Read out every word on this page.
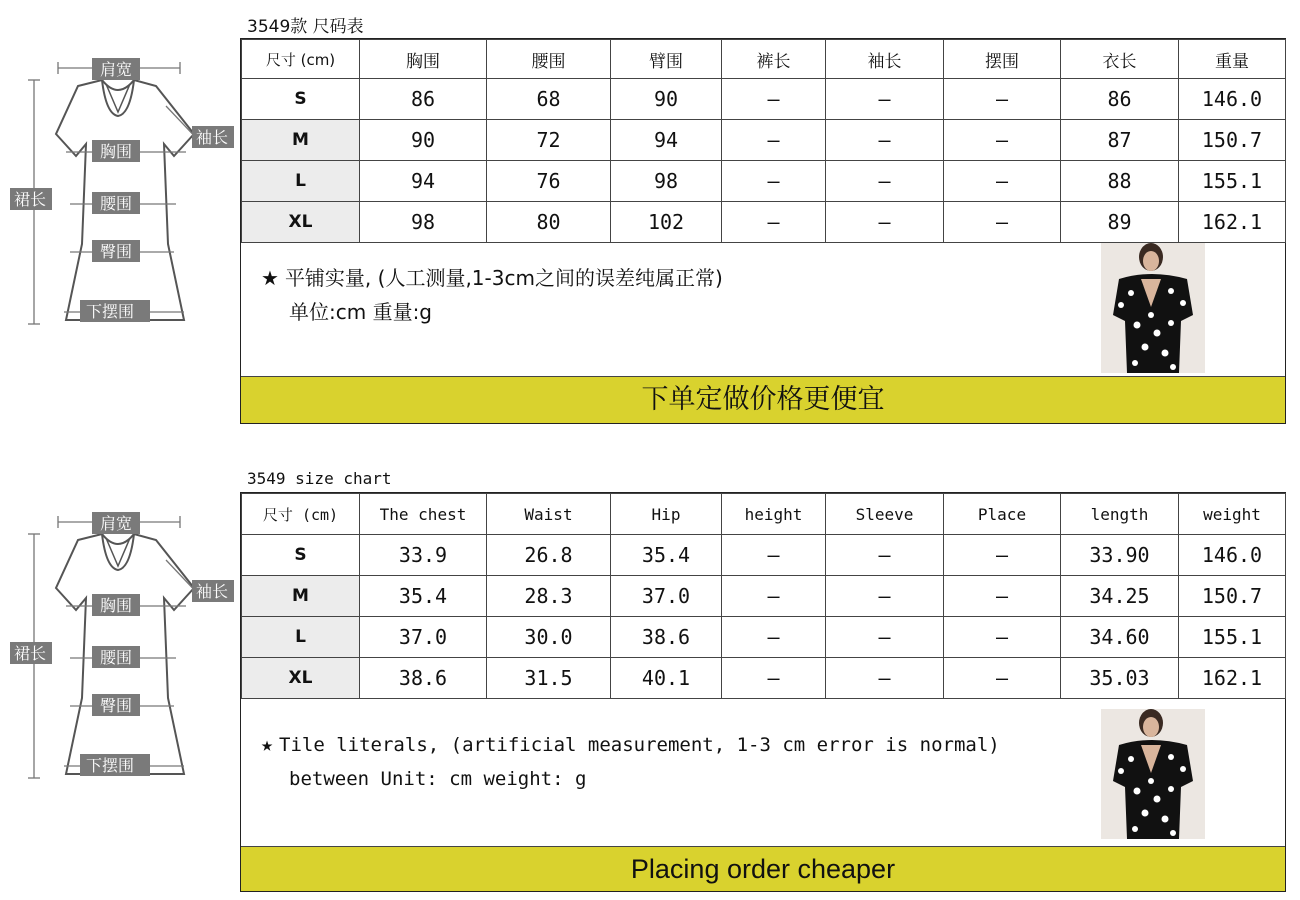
3549款 尺码表
肩宽
胸围
袖长
裙长	腰围
臀围
下摆围
尺寸 (cm)	胸围	腰围	臂围	裤长	袖长	摆围	衣长	重量
S	86	68	90	—	—	—	86	146.0
M	90	72	94	—	—	—	87	150.7
L	94	76	98	—	—	—	88	155.1
XL	98	80	102	—	—	—	89	162.1
★ 平铺实量, (人工测量,1-3cm之间的误差纯属正常)
单位:cm 重量:g
下单定做价格更便宜
3549 size chart
肩宽
胸围
袖长
裙长	腰围
臀围
下摆围
尺寸 (cm)	The chest	Waist	Hip	height	Sleeve	Place	length	weight
S	33.9	26.8	35.4	—	—	—	33.90	146.0
M	35.4	28.3	37.0	—	—	—	34.25	150.7
L	37.0	30.0	38.6	—	—	—	34.60	155.1
XL	38.6	31.5	40.1	—	—	—	35.03	162.1
★ Tile literals, (artificial measurement, 1-3 cm error is normal)
between Unit: cm weight: g
Placing order cheaper
